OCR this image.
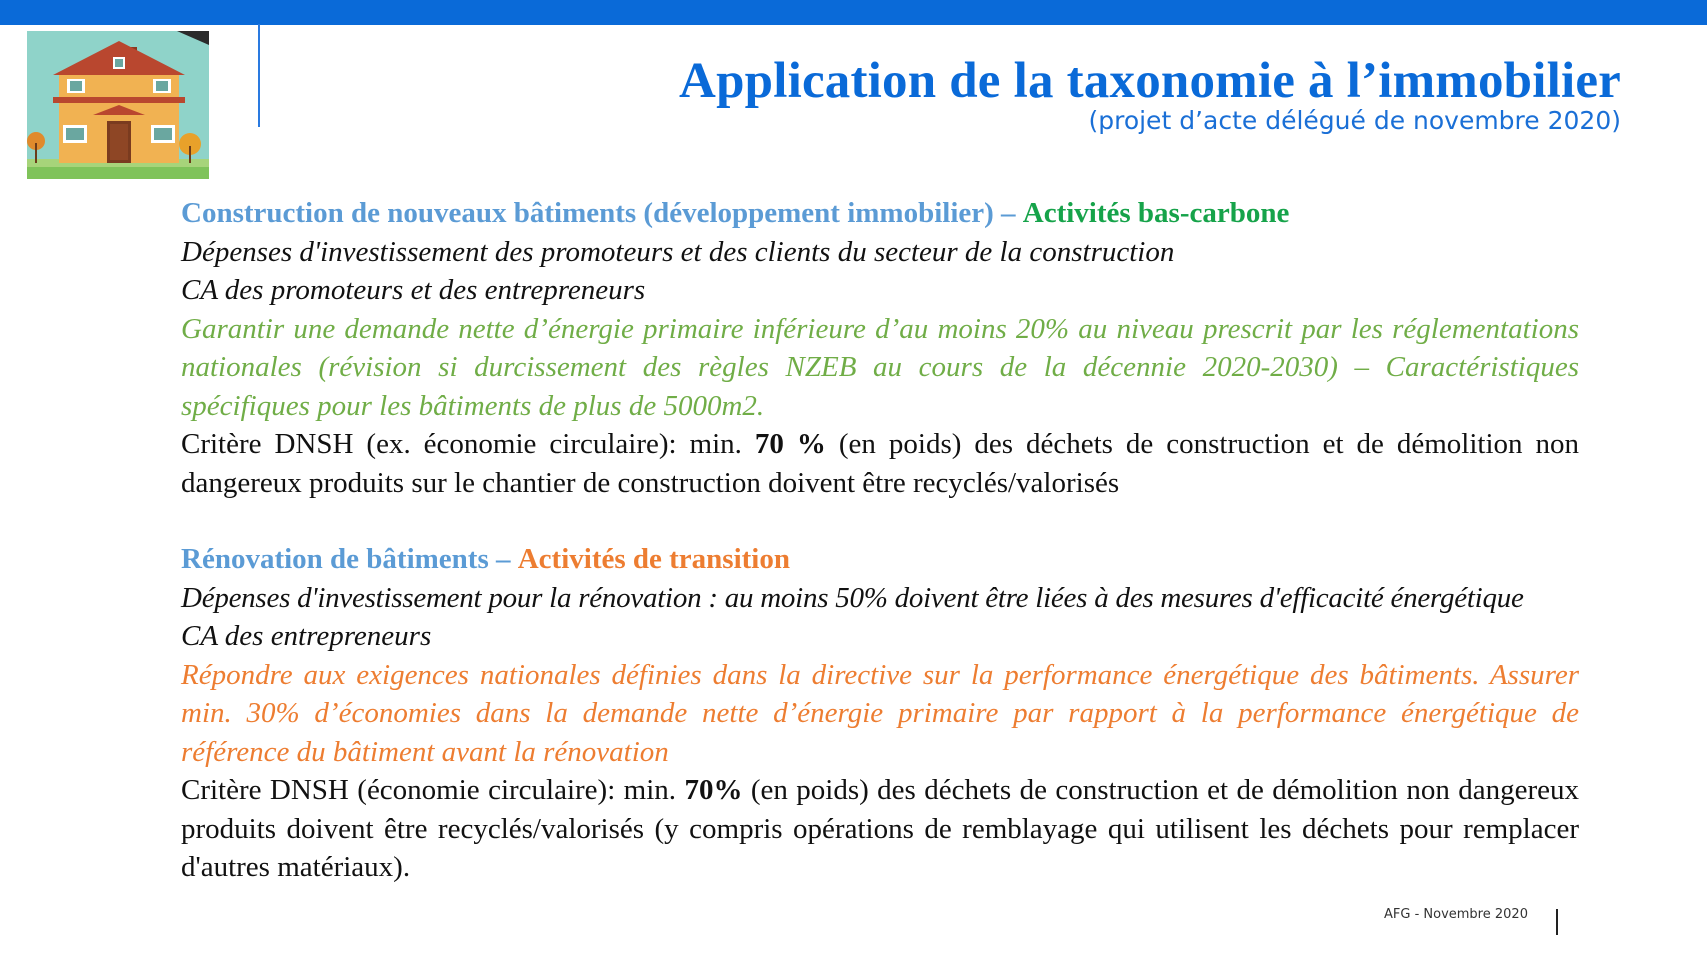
Application de la taxonomie à l’immobilier
(projet d’acte délégué de novembre 2020)

Construction de nouveaux bâtiments (développement immobilier) – Activités bas-carbone

Dépenses d'investissement des promoteurs et des clients du secteur de la construction

CA des promoteurs et des entrepreneurs

Garantir une demande nette d’énergie primaire inférieure d’au moins 20% au niveau prescrit par les réglementations nationales (révision si durcissement des règles NZEB au cours de la décennie 2020-2030) – Caractéristiques spécifiques pour les bâtiments de plus de 5000m2.

Critère DNSH (ex. économie circulaire): min. 70 % (en poids) des déchets de construction et de démolition non dangereux produits sur le chantier de construction doivent être recyclés/valorisés

Rénovation de bâtiments – Activités de transition

Dépenses d'investissement pour la rénovation : au moins 50% doivent être liées à des mesures d'efficacité énergétique

CA des entrepreneurs

Répondre aux exigences nationales définies dans la directive sur la performance énergétique des bâtiments. Assurer min. 30% d’économies dans la demande nette d’énergie primaire par rapport à la performance énergétique de référence du bâtiment avant la rénovation

Critère DNSH (économie circulaire): min. 70% (en poids) des déchets de construction et de démolition non dangereux produits doivent être recyclés/valorisés (y compris opérations de remblayage qui utilisent les déchets pour remplacer d'autres matériaux).

AFG - Novembre 2020
